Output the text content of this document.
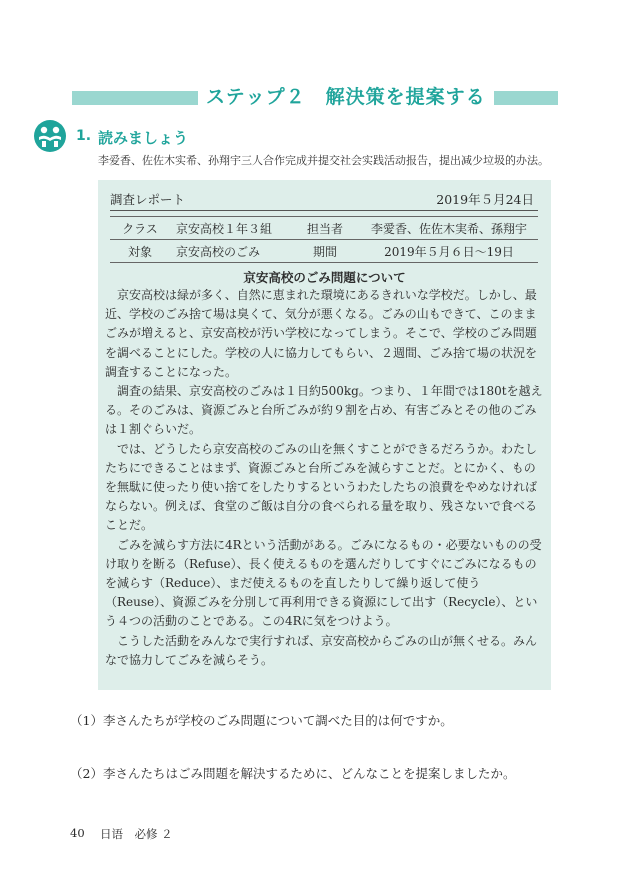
ステップ２　解決策を提案する
1. 読みましょう
李爱香、佐佐木实希、孙翔宇三人合作完成并提交社会实践活动报告，提出减少垃圾的办法。
調査レポート	2019年５月24日
クラス	京安高校１年３組	担当者	李愛香、佐佐木実希、孫翔宇
対象	京安高校のごみ	期間	2019年５月６日～19日
京安高校のごみ問題について

京安高校は緑が多く、自然に恵まれた環境にあるきれいな学校だ。しかし、最近、学校のごみ捨て場は臭くて、気分が悪くなる。ごみの山もできて、このままごみが増えると、京安高校が汚い学校になってしまう。そこで、学校のごみ問題を調べることにした。学校の人に協力してもらい、２週間、ごみ捨て場の状況を調査することになった。

調査の結果、京安高校のごみは１日約500kg。つまり、１年間では180tを越える。そのごみは、資源ごみと台所ごみが約９割を占め、有害ごみとその他のごみは１割ぐらいだ。

では、どうしたら京安高校のごみの山を無くすことができるだろうか。わたしたちにできることはまず、資源ごみと台所ごみを減らすことだ。とにかく、ものを無駄に使ったり使い捨てをしたりするというわたしたちの浪費をやめなければならない。例えば、食堂のご飯は自分の食べられる量を取り、残さないで食べることだ。

ごみを減らす方法に4Rという活動がある。ごみになるもの・必要ないものの受け取りを断る（Refuse）、長く使えるものを選んだりしてすぐにごみになるものを減らす（Reduce）、まだ使えるものを直したりして繰り返して使う（Reuse）、資源ごみを分別して再利用できる資源にして出す（Recycle）、という４つの活動のことである。この4Rに気をつけよう。

こうした活動をみんなで実行すれば、京安高校からごみの山が無くせる。みんなで協力してごみを減らそう。

（1）李さんたちが学校のごみ問題について調べた目的は何ですか。
（2）李さんたちはごみ問題を解決するために、どんなことを提案しましたか。
40 日语　必修 ２
